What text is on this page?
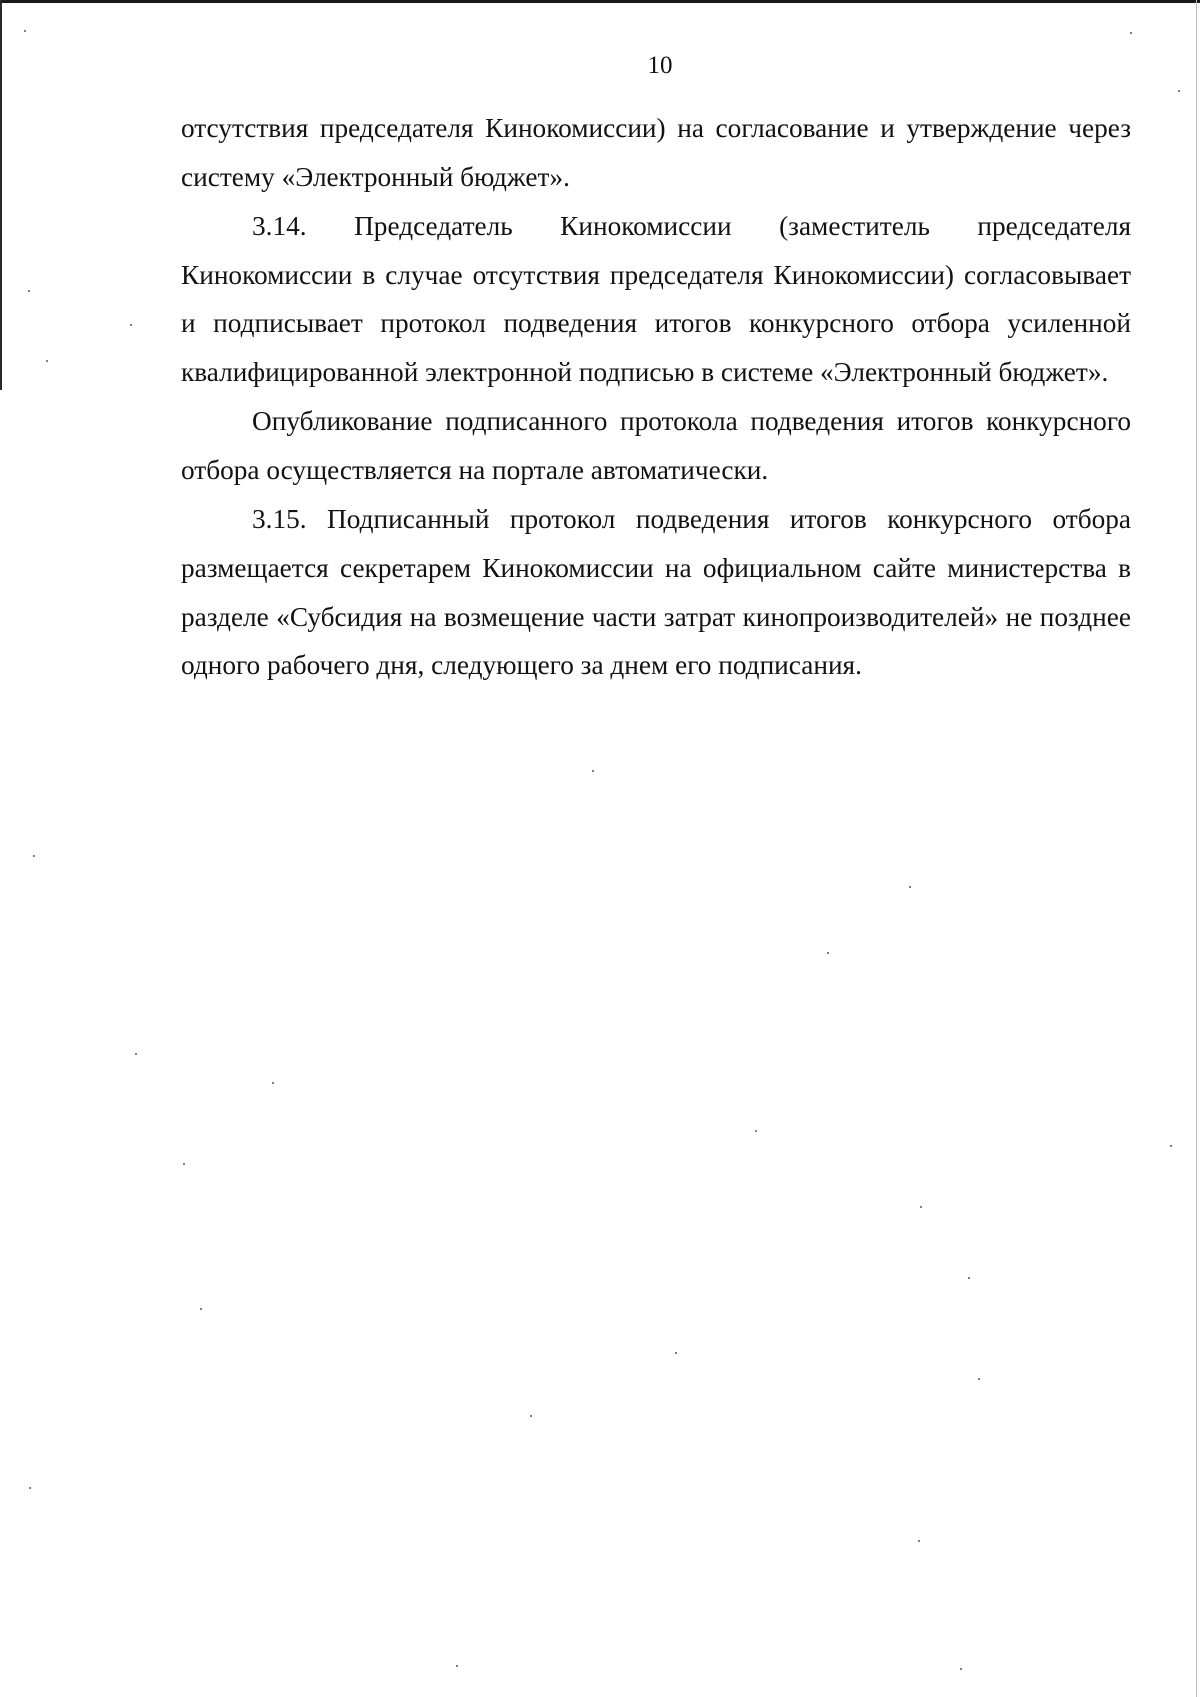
10

отсутствия председателя Кинокомиссии) на согласование и утверждение через систему «Электронный бюджет».

3.14. Председатель Кинокомиссии (заместитель председателя
Кинокомиссии в случае отсутствия председателя Кинокомиссии) согласовывает и подписывает протокол подведения итогов конкурсного отбора усиленной квалифицированной электронной подписью в системе «Электронный бюджет».

Опубликование подписанного протокола подведения итогов конкурсного отбора осуществляется на портале автоматически.

3.15. Подписанный протокол подведения итогов конкурсного отбора размещается секретарем Кинокомиссии на официальном сайте министерства в разделе «Субсидия на возмещение части затрат кинопроизводителей» не позднее одного рабочего дня, следующего за днем его подписания.
